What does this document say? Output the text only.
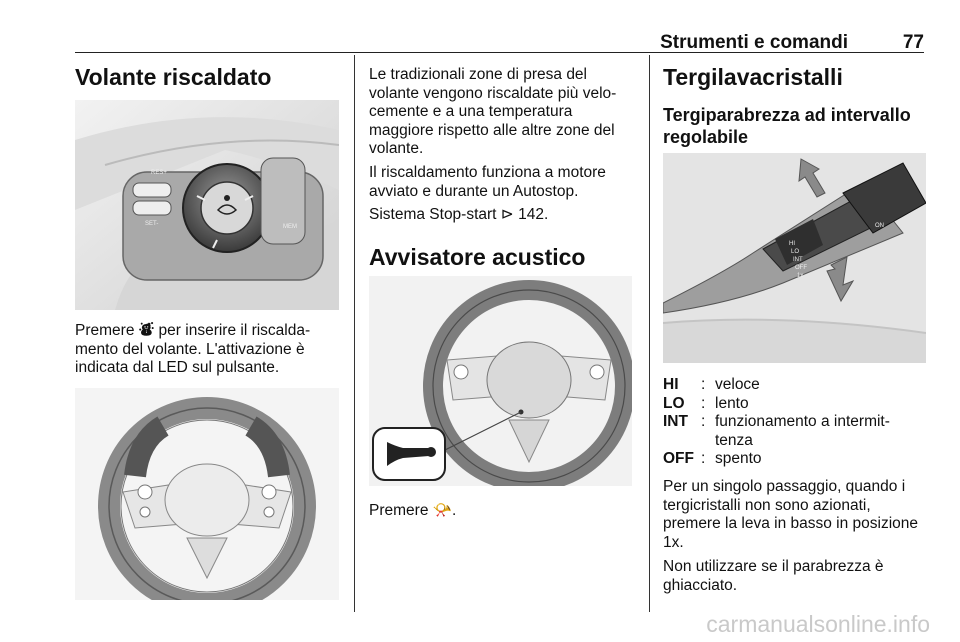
Strumenti e comandi	77
Volante riscaldato
RES+
SET-	MEM

Premere ⛇ per inserire il riscalda-
mento del volante. L'attivazione è
indicata dal LED sul pulsante.

Le tradizionali zone di presa del
volante vengono riscaldate più velo-
cemente e a una temperatura
maggiore rispetto alle altre zone del
volante.

Il riscaldamento funziona a motore
avviato e durante un Autostop.

Sistema Stop-start ⊳ 142.

Avvisatore acustico

Premere 📯.

Tergilavacristalli
Tergiparabrezza ad intervallo
regolabile
HI
LO
INT
OFF
1x
ON
HI	: veloce
LO	: lento
INT : funzionamento a intermit-
tenza
OFF : spento

Per un singolo passaggio, quando i
tergicristalli non sono azionati,
premere la leva in basso in posizione
1x.

Non utilizzare se il parabrezza è
ghiacciato.

carmanualsonline.info
